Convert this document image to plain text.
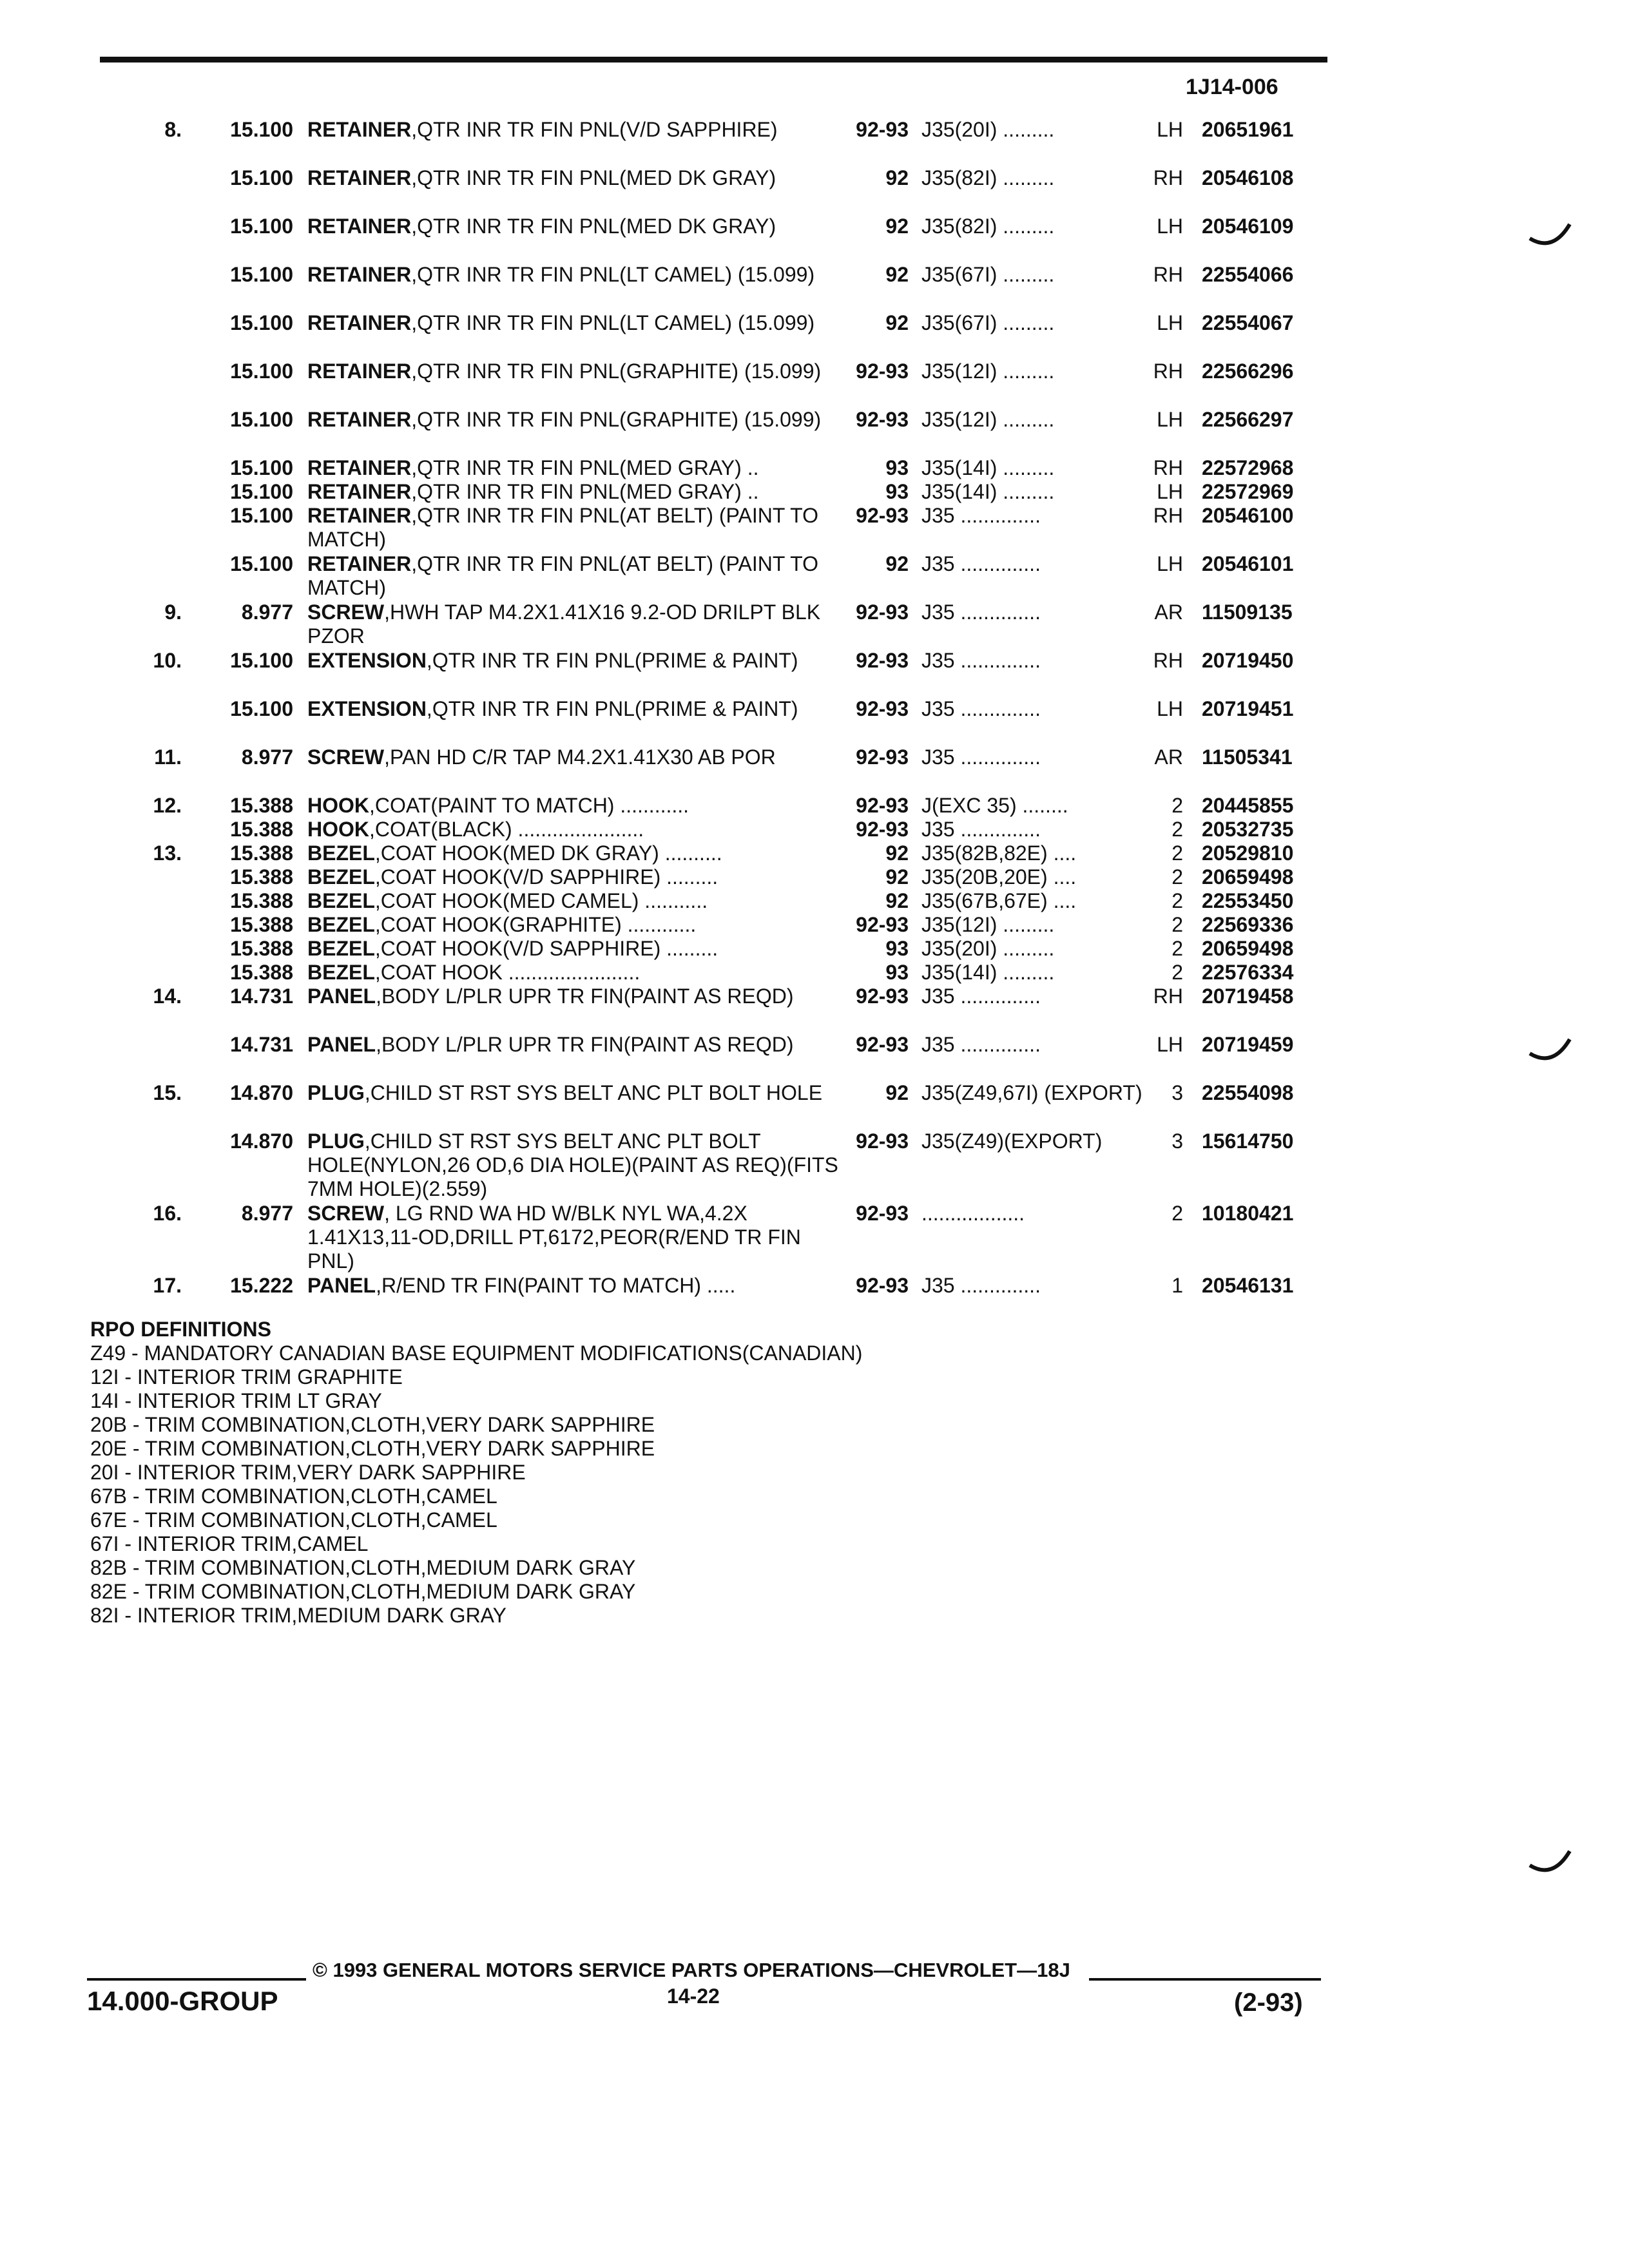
1J14-006
8.	15.100 RETAINER,QTR INR TR FIN PNL(V/D SAPPHIRE)	92-93 J35(20I) .........	LH 20651961
15.100 RETAINER,QTR INR TR FIN PNL(MED DK GRAY)	92 J35(82I) .........	RH 20546108
15.100 RETAINER,QTR INR TR FIN PNL(MED DK GRAY)	92 J35(82I) .........	LH 20546109
15.100 RETAINER,QTR INR TR FIN PNL(LT CAMEL) (15.099)	92 J35(67I) .........	RH 22554066
15.100 RETAINER,QTR INR TR FIN PNL(LT CAMEL) (15.099)	92 J35(67I) .........	LH 22554067
15.100 RETAINER,QTR INR TR FIN PNL(GRAPHITE) (15.099)	92-93 J35(12I) .........	RH 22566296
15.100 RETAINER,QTR INR TR FIN PNL(GRAPHITE) (15.099)	92-93 J35(12I) .........	LH 22566297
15.100 RETAINER,QTR INR TR FIN PNL(MED GRAY) ..	93 J35(14I) .........	RH 22572968
15.100 RETAINER,QTR INR TR FIN PNL(MED GRAY) ..	93 J35(14I) .........	LH 22572969
15.100 RETAINER,QTR INR TR FIN PNL(AT BELT) (PAINT TO MATCH)
92-93 J35 ..............	RH 20546100
15.100 RETAINER,QTR INR TR FIN PNL(AT BELT) (PAINT TO MATCH)
92 J35 ..............	LH 20546101
9.	8.977 SCREW,HWH TAP M4.2X1.41X16 9.2-OD DRILPT BLK PZOR
92-93 J35 ..............	AR 11509135
10.	15.100 EXTENSION,QTR INR TR FIN PNL(PRIME & PAINT)	92-93 J35 ..............	RH 20719450
15.100 EXTENSION,QTR INR TR FIN PNL(PRIME & PAINT)	92-93 J35 ..............	LH 20719451
11.	8.977 SCREW,PAN HD C/R TAP M4.2X1.41X30 AB POR	92-93 J35 ..............	AR 11505341
12.	15.388 HOOK,COAT(PAINT TO MATCH) ............	92-93 J(EXC 35) ........	2 20445855
15.388 HOOK,COAT(BLACK) ......................	92-93 J35 ..............	2 20532735
13.	15.388 BEZEL,COAT HOOK(MED DK GRAY) ..........	92 J35(82B,82E) ....	2 20529810
15.388 BEZEL,COAT HOOK(V/D SAPPHIRE) .........	92 J35(20B,20E) ....	2 20659498
15.388 BEZEL,COAT HOOK(MED CAMEL) ...........	92 J35(67B,67E) ....	2 22553450
15.388 BEZEL,COAT HOOK(GRAPHITE) ............	92-93 J35(12I) .........	2 22569336
15.388 BEZEL,COAT HOOK(V/D SAPPHIRE) .........	93 J35(20I) .........	2 20659498
15.388 BEZEL,COAT HOOK .......................	93 J35(14I) .........	2 22576334
14.	14.731 PANEL,BODY L/PLR UPR TR FIN(PAINT AS REQD)	92-93 J35 ..............	RH 20719458
14.731 PANEL,BODY L/PLR UPR TR FIN(PAINT AS REQD)	92-93 J35 ..............	LH 20719459
15.	14.870 PLUG,CHILD ST RST SYS BELT ANC PLT BOLT HOLE	92 J35(Z49,67I) (EXPORT)	3 22554098
14.870 PLUG,CHILD ST RST SYS BELT ANC PLT BOLT HOLE(NYLON,26 OD,6 DIA HOLE)(PAINT AS REQ)(FITS 7MM HOLE)(2.559)
92-93 J35(Z49)(EXPORT)	3 15614750
16.	8.977 SCREW, LG RND WA HD W/BLK NYL WA,4.2X 1.41X13,11-OD,DRILL PT,6172,PEOR(R/END TR FIN PNL)
92-93 ..................	2 10180421
17.	15.222 PANEL,R/END TR FIN(PAINT TO MATCH) .....	92-93 J35 ..............	1 20546131
RPO DEFINITIONS
Z49 - MANDATORY CANADIAN BASE EQUIPMENT MODIFICATIONS(CANADIAN)
12I - INTERIOR TRIM GRAPHITE
14I - INTERIOR TRIM LT GRAY
20B - TRIM COMBINATION,CLOTH,VERY DARK SAPPHIRE
20E - TRIM COMBINATION,CLOTH,VERY DARK SAPPHIRE
20I - INTERIOR TRIM,VERY DARK SAPPHIRE
67B - TRIM COMBINATION,CLOTH,CAMEL
67E - TRIM COMBINATION,CLOTH,CAMEL
67I - INTERIOR TRIM,CAMEL
82B - TRIM COMBINATION,CLOTH,MEDIUM DARK GRAY
82E - TRIM COMBINATION,CLOTH,MEDIUM DARK GRAY
82I - INTERIOR TRIM,MEDIUM DARK GRAY
14.000-GROUP
© 1993 GENERAL MOTORS SERVICE PARTS OPERATIONS—CHEVROLET—18J
14-22	(2-93)
